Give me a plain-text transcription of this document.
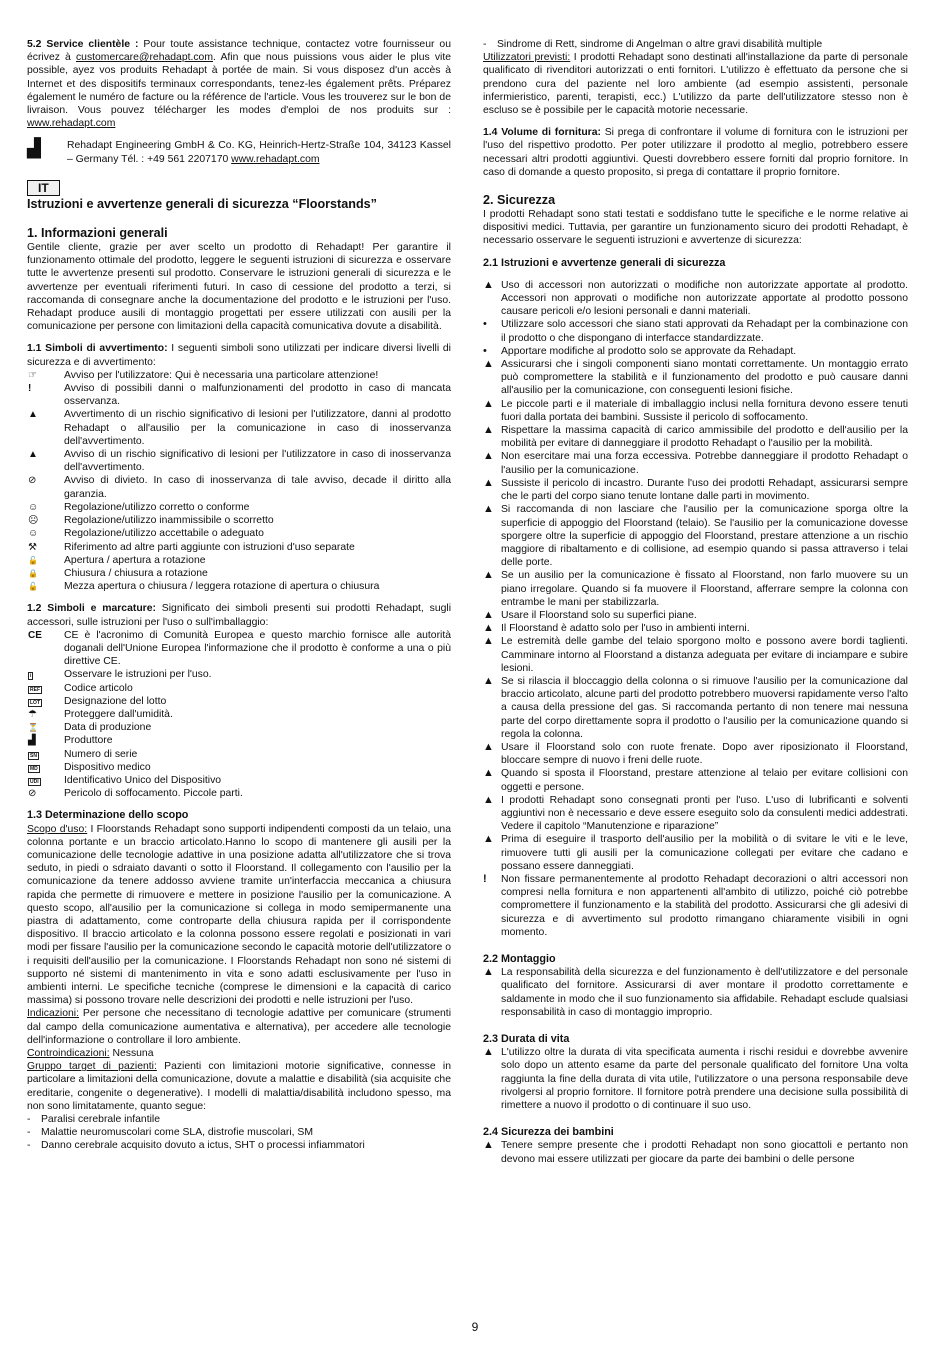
5.2 Service clientèle : Pour toute assistance technique, contactez votre fournisseur ou écrivez à customercare@rehadapt.com. Afin que nous puissions vous aider le plus vite possible, ayez vos produits Rehadapt à portée de main. Si vous disposez d'un accès à Internet et des dispositifs terminaux correspondants, tenez-les également prêts. Préparez également le numéro de facture ou la référence de l'article. Vous les trouverez sur le bon de livraison. Vous pouvez télécharger les modes d'emploi de nos produits sur : www.rehadapt.com

▟	Rehadapt Engineering GmbH & Co. KG, Heinrich-Hertz-Straße 104, 34123 Kassel – Germany Tél. : +49 561 2207170 www.rehadapt.com
IT
Istruzioni e avvertenze generali di sicurezza “Floorstands”
1. Informazioni generali

Gentile cliente, grazie per aver scelto un prodotto di Rehadapt! Per garantire il funzionamento ottimale del prodotto, leggere le seguenti istruzioni di sicurezza e osservare tutte le avvertenze presenti sul prodotto. Conservare le istruzioni generali di sicurezza e le avvertenze per eventuali riferimenti futuri. In caso di cessione del prodotto a terzi, si raccomanda di consegnare anche la documentazione del prodotto e le istruzioni per l'uso. Rehadapt produce ausili di montaggio progettati per essere utilizzati con ausili per la comunicazione per persone con limitazioni della capacità comunicativa dovute a disabilità.

1.1 Simboli di avvertimento: I seguenti simboli sono utilizzati per indicare diversi livelli di sicurezza e di avvertimento:

☞	Avviso per l'utilizzatore: Qui è necessaria una particolare attenzione!
!	Avviso di possibili danni o malfunzionamenti del prodotto in caso di mancata osservanza.
▲	Avvertimento di un rischio significativo di lesioni per l'utilizzatore, danni al prodotto Rehadapt o all'ausilio per la comunicazione in caso di inosservanza dell'avvertimento.
▲	Avviso di un rischio significativo di lesioni per l'utilizzatore in caso di inosservanza dell'avvertimento.
⊘	Avviso di divieto. In caso di inosservanza di tale avviso, decade il diritto alla garanzia.
☺	Regolazione/utilizzo corretto o conforme
☹	Regolazione/utilizzo inammissibile o scorretto
☺	Regolazione/utilizzo accettabile o adeguato
⚒	Riferimento ad altre parti aggiunte con istruzioni d'uso separate
🔓	Apertura / apertura a rotazione
🔒	Chiusura / chiusura a rotazione
🔓	Mezza apertura o chiusura / leggera rotazione di apertura o chiusura

1.2 Simboli e marcature: Significato dei simboli presenti sui prodotti Rehadapt, sugli accessori, sulle istruzioni per l'uso o sull'imballaggio:

CE	CE è l'acronimo di Comunità Europea e questo marchio fornisce alle autorità doganali dell'Unione Europea l'informazione che il prodotto è conforme a una o più direttive CE.
i	Osservare le istruzioni per l'uso.
REF	Codice articolo
LOT	Designazione del lotto
☂	Proteggere dall'umidità.
⏳	Data di produzione
▟	Produttore
SN	Numero di serie
MD	Dispositivo medico
UDI	Identificativo Unico del Dispositivo
⊘	Pericolo di soffocamento. Piccole parti.
1.3 Determinazione dello scopo

Scopo d'uso: I Floorstands Rehadapt sono supporti indipendenti composti da un telaio, una colonna portante e un braccio articolato.Hanno lo scopo di mantenere gli ausili per la comunicazione delle tecnologie adattive in una posizione adatta all'utilizzatore che si trova seduto, in piedi o sdraiato davanti o sotto il Floorstand. Il collegamento con l'ausilio per la comunicazione da tenere addosso avviene tramite un'interfaccia meccanica a chiusura rapida che permette di rimuovere e mettere in posizione l'ausilio per la comunicazione. A questo scopo, all'ausilio per la comunicazione si collega in modo semipermanente una piastra di adattamento, come controparte della chiusura rapida per il corrispondente dispositivo. Il braccio articolato e la colonna possono essere regolati e posizionati in vari modi per fissare l'ausilio per la comunicazione secondo le capacità motorie dell'utilizzatore o i requisiti dell'ausilio per la comunicazione. I Floorstands Rehadapt non sono né sistemi di supporto né sistemi di mantenimento in vita e sono adatti esclusivamente per l'uso in ambienti interni. Le specifiche tecniche (comprese le dimensioni e la capacità di carico massima) si possono trovare nelle descrizioni dei prodotti e nelle istruzioni per l'uso.

Indicazioni: Per persone che necessitano di tecnologie adattive per comunicare (strumenti dal campo della comunicazione aumentativa e alternativa), per accedere alle tecnologie dell'informazione o controllare il loro ambiente.

Controindicazioni: Nessuna

Gruppo target di pazienti: Pazienti con limitazioni motorie significative, connesse in particolare a limitazioni della comunicazione, dovute a malattie e disabilità (sia acquisite che ereditarie, congenite o degenerative). I modelli di malattia/disabilità includono spesso, ma non sono limitatamente, quanto segue:

-	Paralisi cerebrale infantile
-	Malattie neuromuscolari come SLA, distrofie muscolari, SM
-	Danno cerebrale acquisito dovuto a ictus, SHT o processi infiammatori
-	Sindrome di Rett, sindrome di Angelman o altre gravi disabilità multiple

Utilizzatori previsti: I prodotti Rehadapt sono destinati all'installazione da parte di personale qualificato di rivenditori autorizzati o enti fornitori. L'utilizzo è effettuato da persone che si prendono cura del paziente nel loro ambiente (ad esempio assistenti, personale infermieristico, parenti, terapisti, ecc.) L'utilizzo da parte dell'utilizzatore stesso non è escluso se è possibile per le capacità motorie necessarie.

1.4 Volume di fornitura: Si prega di confrontare il volume di fornitura con le istruzioni per l'uso del rispettivo prodotto. Per poter utilizzare il prodotto al meglio, potrebbero essere necessari altri prodotti aggiuntivi. Questi dovrebbero essere forniti dal proprio fornitore. In caso di domande a questo proposito, si prega di contattare il proprio fornitore.

2. Sicurezza

I prodotti Rehadapt sono stati testati e soddisfano tutte le specifiche e le norme relative ai dispositivi medici. Tuttavia, per garantire un funzionamento sicuro dei prodotti Rehadapt, è necessario osservare le seguenti istruzioni e avvertenze di sicurezza:

2.1 Istruzioni e avvertenze generali di sicurezza
▲ Uso di accessori non autorizzati o modifiche non autorizzate apportate al prodotto. Accessori non approvati o modifiche non autorizzate apportate al prodotto possono causare pericoli e/o lesioni personali e danni materiali.
•	Utilizzare solo accessori che siano stati approvati da Rehadapt per la combinazione con il prodotto o che dispongano di interfacce standardizzate.
•	Apportare modifiche al prodotto solo se approvate da Rehadapt.
▲ Assicurarsi che i singoli componenti siano montati correttamente. Un montaggio errato può compromettere la stabilità e il funzionamento del prodotto e può causare danni all'ausilio per la comunicazione, con conseguenti lesioni fisiche.
▲ Le piccole parti e il materiale di imballaggio inclusi nella fornitura devono essere tenuti fuori dalla portata dei bambini. Sussiste il pericolo di soffocamento.
▲ Rispettare la massima capacità di carico ammissibile del prodotto e dell'ausilio per la mobilità per evitare di danneggiare il prodotto Rehadapt o l'ausilio per la mobilità.
▲ Non esercitare mai una forza eccessiva. Potrebbe danneggiare il prodotto Rehadapt o l'ausilio per la comunicazione.
▲ Sussiste il pericolo di incastro. Durante l'uso dei prodotti Rehadapt, assicurarsi sempre che le parti del corpo siano tenute lontane dalle parti in movimento.
▲ Si raccomanda di non lasciare che l'ausilio per la comunicazione sporga oltre la superficie di appoggio del Floorstand (telaio). Se l'ausilio per la comunicazione dovesse sporgere oltre la superficie di appoggio del Floorstand, prestare attenzione a un rischio maggiore di ribaltamento e di collisione, ad esempio quando si passa attraverso i telai delle porte.
▲ Se un ausilio per la comunicazione è fissato al Floorstand, non farlo muovere su un piano irregolare. Quando si fa muovere il Floorstand, afferrare sempre la colonna con entrambe le mani per stabilizzarla.
▲ Usare il Floorstand solo su superfici piane.
▲ Il Floorstand è adatto solo per l'uso in ambienti interni.
▲ Le estremità delle gambe del telaio sporgono molto e possono avere bordi taglienti. Camminare intorno al Floorstand a distanza adeguata per evitare di inciampare e subire lesioni.
▲ Se si rilascia il bloccaggio della colonna o si rimuove l'ausilio per la comunicazione dal braccio articolato, alcune parti del prodotto potrebbero muoversi rapidamente verso l'alto a causa della pressione del gas. Si raccomanda pertanto di non tenere mai nessuna parte del corpo direttamente sopra il prodotto o l'ausilio per la comunicazione quando si regola la colonna.
▲ Usare il Floorstand solo con ruote frenate. Dopo aver riposizionato il Floorstand, bloccare sempre di nuovo i freni delle ruote.
▲ Quando si sposta il Floorstand, prestare attenzione al telaio per evitare collisioni con oggetti e persone.
▲ I prodotti Rehadapt sono consegnati pronti per l'uso. L'uso di lubrificanti e solventi aggiuntivi non è necessario e deve essere eseguito solo da consulenti medici addestrati. Vedere il capitolo “Manutenzione e riparazione”
▲ Prima di eseguire il trasporto dell'ausilio per la mobilità o di svitare le viti e le leve, rimuovere tutti gli ausili per la comunicazione collegati per evitare che cadano e possano essere danneggiati.
!	Non fissare permanentemente al prodotto Rehadapt decorazioni o altri accessori non compresi nella fornitura e non appartenenti all'ambito di utilizzo, poiché ciò potrebbe compromettere il funzionamento e la stabilità del prodotto. Assicurarsi che gli adesivi di sicurezza e di avvertimento sul prodotto rimangano chiaramente visibili in ogni momento.
2.2 Montaggio
▲ La responsabilità della sicurezza e del funzionamento è dell'utilizzatore e del personale qualificato del fornitore. Assicurarsi di aver montare il prodotto correttamente e saldamente in modo che il suo funzionamento sia affidabile. Rehadapt esclude qualsiasi responsabilità in caso di montaggio improprio.
2.3 Durata di vita
▲ L'utilizzo oltre la durata di vita specificata aumenta i rischi residui e dovrebbe avvenire solo dopo un attento esame da parte del personale qualificato del fornitore Una volta raggiunta la fine della durata di vita utile, l'utilizzatore o una persona responsabile deve rivolgersi al proprio fornitore. Il fornitore potrà prendere una decisione sulla possibilità di rimettere a nuovo il prodotto o di continuare il suo uso.
2.4 Sicurezza dei bambini
▲ Tenere sempre presente che i prodotti Rehadapt non sono giocattoli e pertanto non devono mai essere utilizzati per giocare da parte dei bambini o delle persone
9
